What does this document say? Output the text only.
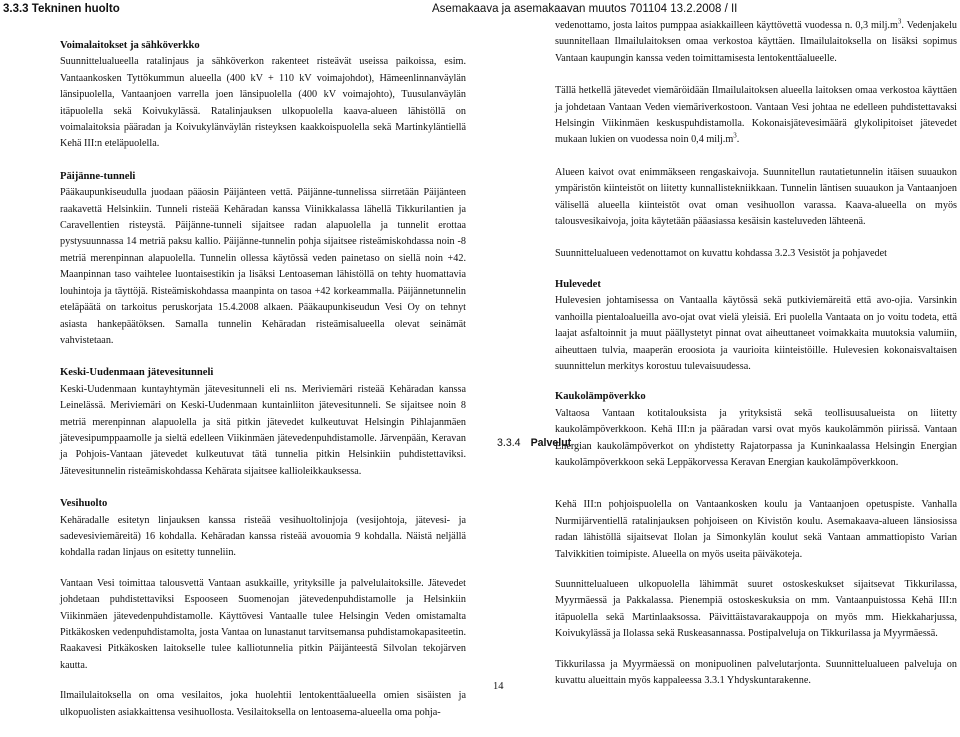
3.3.3 Tekninen huolto	Asemakaava ja asemakaavan muutos 701104 13.2.2008 / II
Voimalaitokset ja sähköverkko

Suunnittelualueella ratalinjaus ja sähköverkon rakenteet risteävät useissa paikoissa, esim. Vantaankosken Tyttökummun alueella (400 kV + 110 kV voimajohdot), Hämeenlinnanväylän länsipuolella, Vantaanjoen varrella joen länsipuolella (400 kV voimajohto), Tuusulanväylän itäpuolella sekä Koivukylässä. Ratalinjauksen ulkopuolella kaava-alueen lähistöllä on voimalaitoksia pääradan ja Koivukylänväylän risteyksen kaakkoispuolella sekä Martinkyläntiellä Kehä III:n eteläpuolella.

Päijänne-tunneli

Pääkaupunkiseudulla juodaan pääosin Päijänteen vettä. Päijänne-tunnelissa siirretään Päijänteen raakavettä Helsinkiin. Tunneli risteää Kehäradan kanssa Viinikkalassa lähellä Tikkurilantien ja Caravellentien risteystä. Päijänne-tunneli sijaitsee radan alapuolella ja tunnelit erottaa pystysuunnassa 14 metriä paksu kallio. Päijänne-tunnelin pohja sijaitsee risteämiskohdassa noin -8 metriä merenpinnan alapuolella. Tunnelin ollessa käytössä veden painetaso on siellä noin +42. Maanpinnan taso vaihtelee luontaisestikin ja lisäksi Lentoaseman lähistöllä on tehty huomattavia louhintoja ja täyttöjä. Risteämiskohdassa maanpinta on tasoa +42 korkeammalla. Päijännetunnelin eteläpäätä on tarkoitus peruskorjata 15.4.2008 alkaen. Pääkaupunkiseudun Vesi Oy on tehnyt asiasta hankepäätöksen. Samalla tunnelin Kehäradan risteämisalueella olevat seinämät vahvistetaan.

Keski-Uudenmaan jätevesitunneli

Keski-Uudenmaan kuntayhtymän jätevesitunneli eli ns. Meriviemäri risteää Kehäradan kanssa Leinelässä. Meriviemäri on Keski-Uudenmaan kuntainliiton jätevesitunneli. Se sijaitsee noin 8 metriä merenpinnan alapuolella ja sitä pitkin jätevedet kulkeutuvat Helsingin Pihlajanmäen jätevesipumppaamolle ja sieltä edelleen Viikinmäen jätevedenpuhdistamolle. Järvenpään, Keravan ja Pohjois-Vantaan jätevedet kulkeutuvat tätä tunnelia pitkin Helsinkiin puhdistettaviksi. Jätevesitunnelin risteämiskohdassa Kehärata sijaitsee kallioleikkauksessa.

Vesihuolto

Kehäradalle esitetyn linjauksen kanssa risteää vesihuoltolinjoja (vesijohtoja, jätevesi- ja sadevesiviemäreitä) 16 kohdalla. Kehäradan kanssa risteää avouomia 9 kohdalla. Näistä neljällä kohdalla radan linjaus on esitetty tunneliin.

Vantaan Vesi toimittaa talousvettä Vantaan asukkaille, yrityksille ja palvelulaitoksille. Jätevedet johdetaan puhdistettaviksi Espooseen Suomenojan jätevedenpuhdistamolle ja Helsinkiin Viikinmäen jätevedenpuhdistamolle. Käyttövesi Vantaalle tulee Helsingin Veden omistamalta Pitkäkosken vedenpuhdistamolta, josta Vantaa on lunastanut tarvitsemansa puhdistamokapasiteetin. Raakavesi Pitkäkosken laitokselle tulee kalliotunnelia pitkin Päijänteestä Silvolan tekojärven kautta.

Ilmailulaitoksella on oma vesilaitos, joka huolehtii lentokenttäalueella omien sisäisten ja ulkopuolisten asiakkaittensa vesihuollosta. Vesilaitoksella on lentoasema-alueella oma pohja-

vedenottamo, josta laitos pumppaa asiakkailleen käyttövettä vuodessa n. 0,3 $milj.m^3$. Vedenjakelu suunnitellaan Ilmailulaitoksen omaa verkostoa käyttäen. Ilmailulaitoksella on lisäksi sopimus Vantaan kaupungin kanssa veden toimittamisesta lentokenttäalueelle.

Tällä hetkellä jätevedet viemäröidään Ilmailulaitoksen alueella laitoksen omaa verkostoa käyttäen ja johdetaan Vantaan Veden viemäriverkostoon. Vantaan Vesi johtaa ne edelleen puhdistettavaksi Helsingin Viikinmäen keskuspuhdistamolla. Kokonaisjätevesimäärä glykolipitoiset jätevedet mukaan lukien on vuodessa noin 0,4 $milj.m^3$.

Alueen kaivot ovat enimmäkseen rengaskaivoja. Suunnitellun rautatietunnelin itäisen suuaukon ympäristön kiinteistöt on liitetty kunnallistekniikkaan. Tunnelin läntisen suuaukon ja Vantaanjoen välisellä alueella kiinteistöt ovat oman vesihuollon varassa. Kaava-alueella on myös talousvesikaivoja, joita käytetään pääasiassa kesäisin kasteluveden lähteenä.

Suunnittelualueen vedenottamot on kuvattu kohdassa 3.2.3 Vesistöt ja pohjavedet

Hulevedet

Hulevesien johtamisessa on Vantaalla käytössä sekä putkiviemäreitä että avo-ojia. Varsinkin vanhoilla pientaloalueilla avo-ojat ovat vielä yleisiä. Eri puolella Vantaata on jo voitu todeta, että laajat asfaltoinnit ja muut päällystetyt pinnat ovat aiheuttaneet voimakkaita muutoksia valumiin, aiheuttaen tulvia, maaperän eroosiota ja vaurioita kiinteistöille. Hulevesien kokonaisvaltaisen suunnittelun merkitys korostuu tulevaisuudessa.

Kaukolämpöverkko

Valtaosa Vantaan kotitalouksista ja yrityksistä sekä teollisuusalueista on liitetty kaukolämpöverkkoon. Kehä III:n ja pääradan varsi ovat myös kaukolämmön piirissä. Vantaan Energian kaukolämpöverkot on yhdistetty Rajatorpassa ja Kuninkaalassa Helsingin Energian kaukolämpöverkkoon sekä Leppäkorvessa Keravan Energian kaukolämpöverkkoon.

Kehä III:n pohjoispuolella on Vantaankosken koulu ja Vantaanjoen opetuspiste. Vanhalla Nurmijärventiellä ratalinjauksen pohjoiseen on Kivistön koulu. Asemakaava-alueen länsiosissa radan lähistöllä sijaitsevat Ilolan ja Simonkylän koulut sekä Vantaan ammattiopisto Varian Talvikkitien toimipiste. Alueella on myös useita päiväkoteja.

Suunnittelualueen ulkopuolella lähimmät suuret ostoskeskukset sijaitsevat Tikkurilassa, Myyrmäessä ja Pakkalassa. Pienempiä ostoskeskuksia on mm. Vantaanpuistossa Kehä III:n itäpuolella sekä Martinlaaksossa. Päivittäistavarakauppoja on myös mm. Hiekkaharjussa, Koivukylässä ja Ilolassa sekä Ruskeasannassa. Postipalveluja on Tikkurilassa ja Myyrmäessä.

Tikkurilassa ja Myyrmäessä on monipuolinen palvelutarjonta. Suunnittelualueen palveluja on kuvattu alueittain myös kappaleessa 3.3.1 Yhdyskuntarakenne.

3.3.4 Palvelut
14
